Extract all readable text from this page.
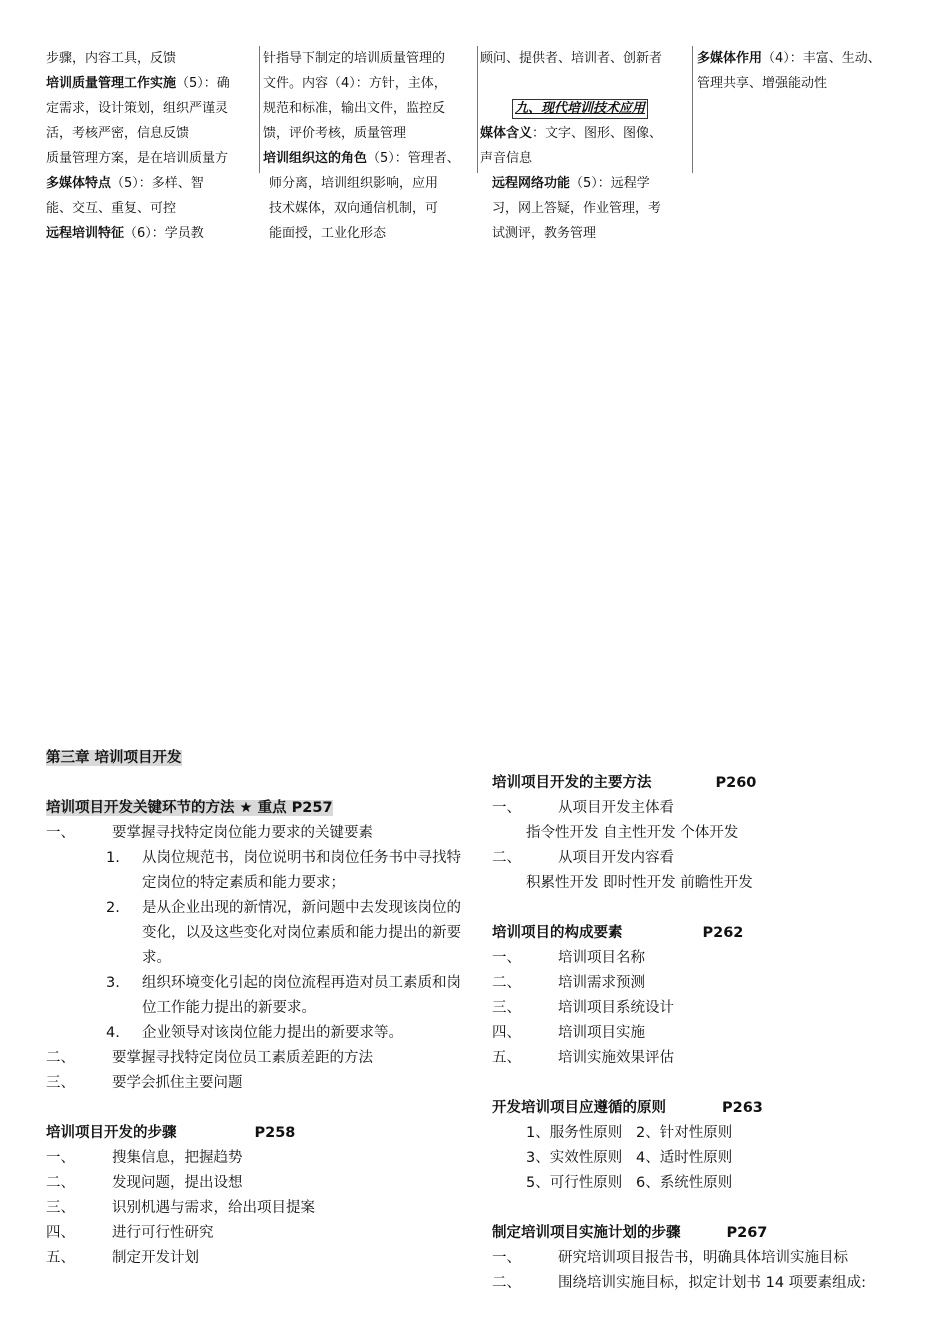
步骤，内容工具，反馈

培训质量管理工作实施（5）：确

定需求，设计策划，组织严谨灵

活，考核严密，信息反馈

质量管理方案，是在培训质量方

多媒体特点（5）：多样、智

能、交互、重复、可控

远程培训特征（6）：学员教

针指导下制定的培训质量管理的

文件。内容（4）：方针，主体，

规范和标准，输出文件，监控反

馈，评价考核，质量管理

培训组织这的角色（5）：管理者、

师分离，培训组织影响，应用

技术媒体，双向通信机制，可

能面授，工业化形态

顾问、提供者、培训者、创新者

九、现代培训技术应用

媒体含义：文字、图形、图像、

声音信息

远程网络功能（5）：远程学

习，网上答疑，作业管理，考

试测评，教务管理

多媒体作用（4）：丰富、生动、

管理共享、增强能动性

第三章 培训项目开发

培训项目开发关键环节的方法 ★ 重点 P257

一、	要掌握寻找特定岗位能力要求的关键要素
1.	从岗位规范书，岗位说明书和岗位任务书中寻找特定岗位的特定素质和能力要求；
2.	是从企业出现的新情况，新问题中去发现该岗位的变化，以及这些变化对岗位素质和能力提出的新要求。
3.	组织环境变化引起的岗位流程再造对员工素质和岗位工作能力提出的新要求。
4.	企业领导对该岗位能力提出的新要求等。
二、	要掌握寻找特定岗位员工素质差距的方法
三、	要学会抓住主要问题

培训项目开发的步骤	P258

一、	搜集信息，把握趋势
二、	发现问题，提出设想
三、	识别机遇与需求，给出项目提案
四、	进行可行性研究
五、	制定开发计划

培训项目开发的主要方法	P260

一、	从项目开发主体看

指令性开发 自主性开发 个体开发

二、	从项目开发内容看

积累性开发 即时性开发 前瞻性开发

培训项目的构成要素	P262

一、	培训项目名称
二、	培训需求预测
三、	培训项目系统设计
四、	培训项目实施
五、	培训实施效果评估

开发培训项目应遵循的原则	P263

1、服务性原则   2、针对性原则

3、实效性原则   4、适时性原则

5、可行性原则   6、系统性原则

制定培训项目实施计划的步骤	P267

一、	研究培训项目报告书，明确具体培训实施目标
二、	围绕培训实施目标，拟定计划书 14 项要素组成:
